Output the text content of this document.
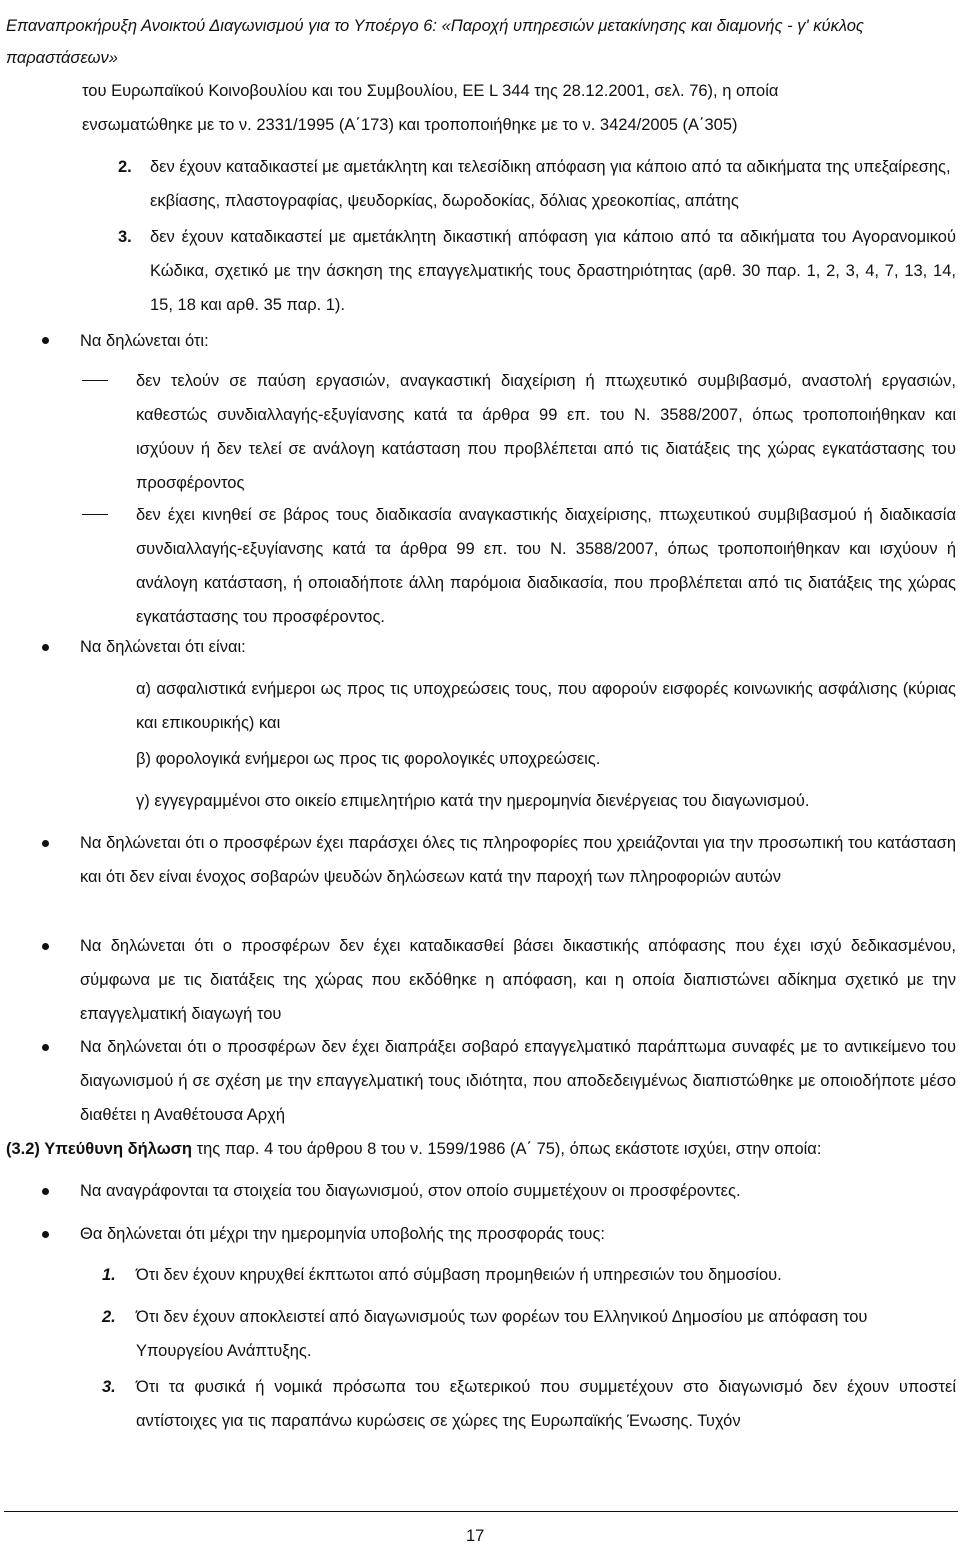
Επαναπροκήρυξη Ανοικτού Διαγωνισμού για το Υποέργο 6: «Παροχή υπηρεσιών μετακίνησης και διαμονής - γ' κύκλος παραστάσεων»
του Ευρωπαϊκού Κοινοβουλίου και του Συμβουλίου, ΕΕ L 344 της 28.12.2001, σελ. 76), η οποία
ενσωματώθηκε με το ν. 2331/1995 (Α΄173) και τροποποιήθηκε με το ν. 3424/2005 (Α΄305)
2. δεν έχουν καταδικαστεί με αμετάκλητη και τελεσίδικη απόφαση για κάποιο από τα αδικήματα της υπεξαίρεσης, εκβίασης, πλαστογραφίας, ψευδορκίας, δωροδοκίας, δόλιας χρεοκοπίας, απάτης
3. δεν έχουν καταδικαστεί με αμετάκλητη δικαστική απόφαση για κάποιο από τα αδικήματα του Αγορανομικού Κώδικα, σχετικό με την άσκηση της επαγγελματικής τους δραστηριότητας (αρθ. 30 παρ. 1, 2, 3, 4, 7, 13, 14, 15, 18 και αρθ. 35 παρ. 1).
Να δηλώνεται ότι:
δεν τελούν σε παύση εργασιών, αναγκαστική διαχείριση ή πτωχευτικό συμβιβασμό, αναστολή εργασιών, καθεστώς συνδιαλλαγής-εξυγίανσης κατά τα άρθρα 99 επ. του Ν. 3588/2007, όπως τροποποιήθηκαν και ισχύουν ή δεν τελεί σε ανάλογη κατάσταση που προβλέπεται από τις διατάξεις της χώρας εγκατάστασης του προσφέροντος
δεν έχει κινηθεί σε βάρος τους διαδικασία αναγκαστικής διαχείρισης, πτωχευτικού συμβιβασμού ή διαδικασία συνδιαλλαγής-εξυγίανσης κατά τα άρθρα 99 επ. του Ν. 3588/2007, όπως τροποποιήθηκαν και ισχύουν ή ανάλογη κατάσταση, ή οποιαδήποτε άλλη παρόμοια διαδικασία, που προβλέπεται από τις διατάξεις της χώρας εγκατάστασης του προσφέροντος.
Να δηλώνεται ότι είναι:
α) ασφαλιστικά ενήμεροι ως προς τις υποχρεώσεις τους, που αφορούν εισφορές κοινωνικής ασφάλισης (κύριας και επικουρικής) και
β) φορολογικά ενήμεροι ως προς τις φορολογικές υποχρεώσεις.
γ) εγγεγραμμένοι στο οικείο επιμελητήριο κατά την ημερομηνία διενέργειας του διαγωνισμού.
Να δηλώνεται ότι ο προσφέρων έχει παράσχει όλες τις πληροφορίες που χρειάζονται για την προσωπική του κατάσταση και ότι δεν είναι ένοχος σοβαρών ψευδών δηλώσεων κατά την παροχή των πληροφοριών αυτών
Να δηλώνεται ότι ο προσφέρων δεν έχει καταδικασθεί βάσει δικαστικής απόφασης που έχει ισχύ δεδικασμένου, σύμφωνα με τις διατάξεις της χώρας που εκδόθηκε η απόφαση, και η οποία διαπιστώνει αδίκημα σχετικό με την επαγγελματική διαγωγή του
Να δηλώνεται ότι ο προσφέρων δεν έχει διαπράξει σοβαρό επαγγελματικό παράπτωμα συναφές με το αντικείμενο του διαγωνισμού ή σε σχέση με την επαγγελματική τους ιδιότητα, που αποδεδειγμένως διαπιστώθηκε με οποιοδήποτε μέσο διαθέτει η Αναθέτουσα Αρχή
(3.2) Υπεύθυνη δήλωση της παρ. 4 του άρθρου 8 του ν. 1599/1986 (Α΄ 75), όπως εκάστοτε ισχύει, στην οποία:
Να αναγράφονται τα στοιχεία του διαγωνισμού, στον οποίο συμμετέχουν οι προσφέροντες.
Θα δηλώνεται ότι μέχρι την ημερομηνία υποβολής της προσφοράς τους:
1. Ότι δεν έχουν κηρυχθεί έκπτωτοι από σύμβαση προμηθειών ή υπηρεσιών του δημοσίου.
2. Ότι δεν έχουν αποκλειστεί από διαγωνισμούς των φορέων του Ελληνικού Δημοσίου με απόφαση του Υπουργείου Ανάπτυξης.
3. Ότι τα φυσικά ή νομικά πρόσωπα του εξωτερικού που συμμετέχουν στο διαγωνισμό δεν έχουν υποστεί αντίστοιχες για τις παραπάνω κυρώσεις σε χώρες της Ευρωπαϊκής Ένωσης. Τυχόν
17
